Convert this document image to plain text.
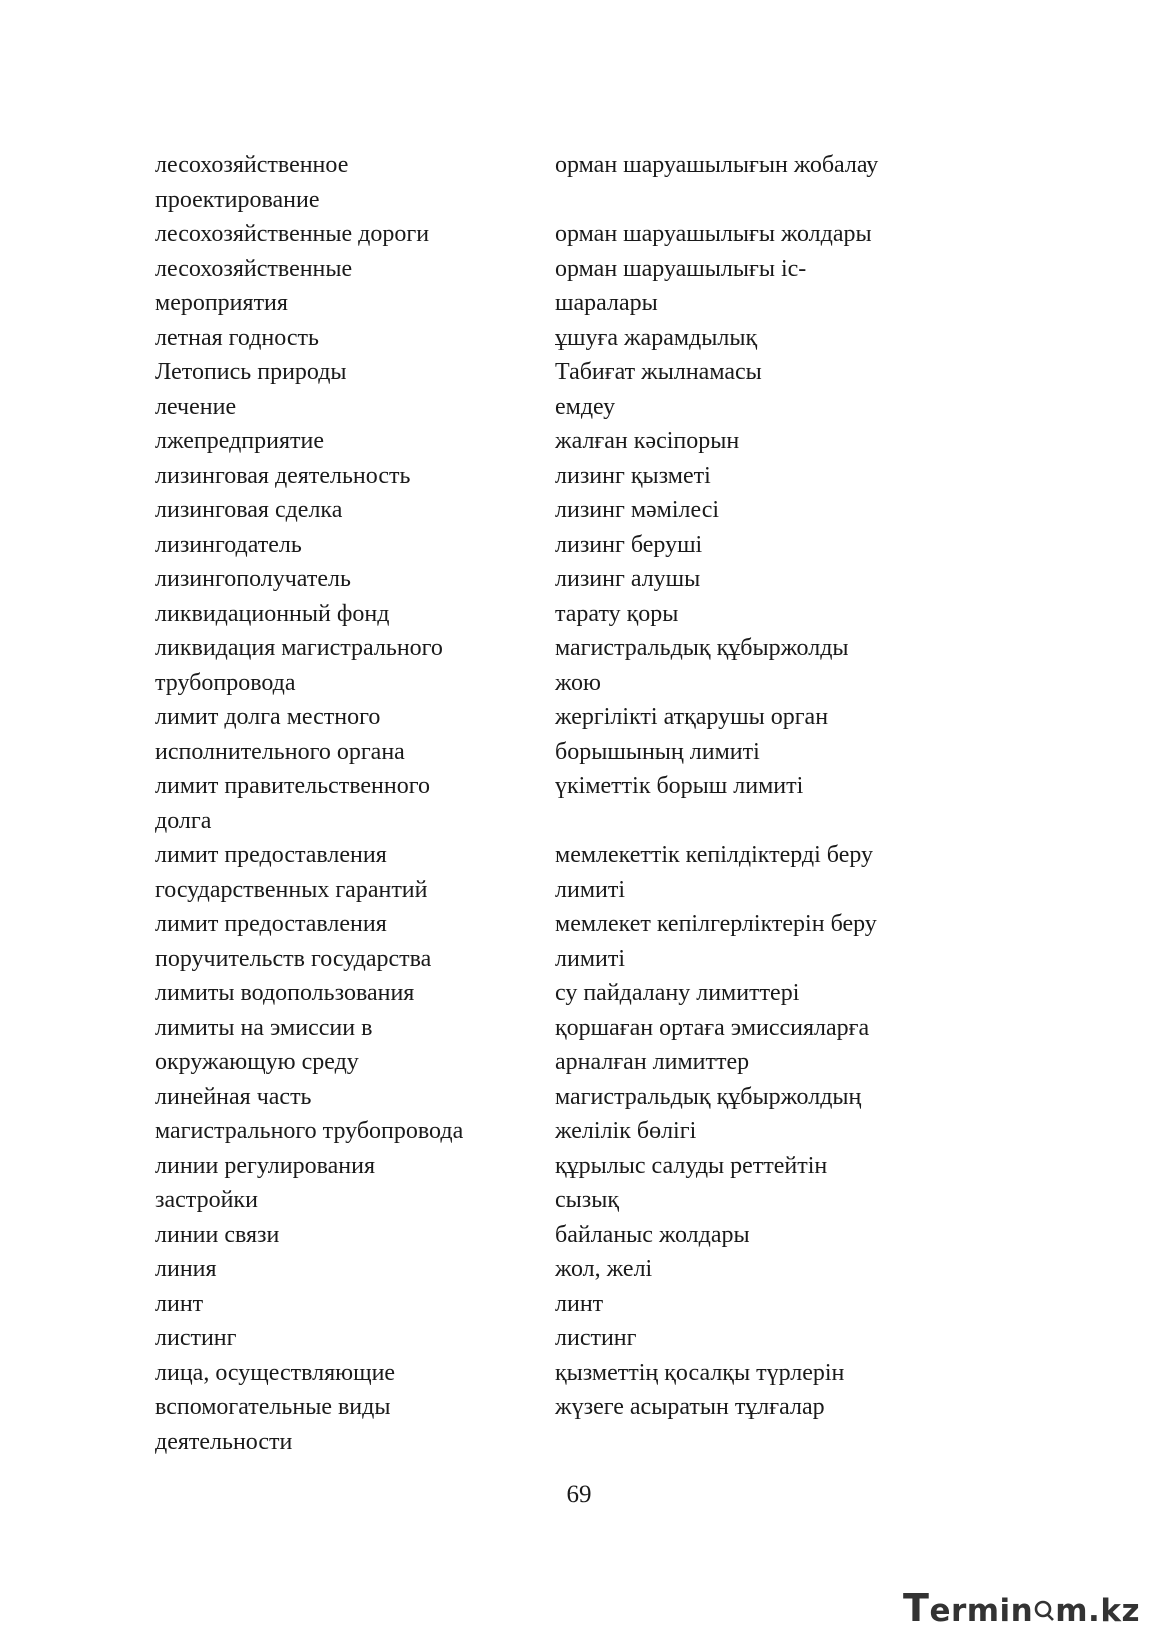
лесохозяйственное
проектирование
лесохозяйственные дороги
лесохозяйственные
мероприятия
летная годность
Летопись природы
лечение
лжепредприятие
лизинговая деятельность
лизинговая сделка
лизингодатель
лизингополучатель
ликвидационный фонд
ликвидация магистрального
трубопровода
лимит долга местного
исполнительного органа
лимит правительственного
долга
лимит предоставления
государственных гарантий
лимит предоставления
поручительств государства
лимиты водопользования
лимиты на эмиссии в
окружающую среду
линейная часть
магистрального трубопровода
линии регулирования
застройки
линии связи
линия
линт
листинг
лица, осуществляющие
вспомогательные виды
деятельности
орман шаруашылығын жобалау
орман шаруашылығы жолдары
орман шаруашылығы іс-
шаралары
ұшуға жарамдылық
Табиғат жылнамасы
емдеу
жалған кәсіпорын
лизинг қызметі
лизинг мәмілесі
лизинг беруші
лизинг алушы
тарату қоры
магистральдық құбыржолды
жою
жергілікті атқарушы орган
борышының лимиті
үкіметтік борыш лимиті
мемлекеттік кепілдіктерді беру
лимиті
мемлекет кепілгерліктерін беру
лимиті
су пайдалану лимиттері
қоршаған ортаға эмиссияларға
арналған лимиттер
магистральдық құбыржолдың
желілік бөлігі
құрылыс салуды реттейтін
сызық
байланыс жолдары
жол, желі
линт
листинг
қызметтің қосалқы түрлерін
жүзеге асыратын тұлғалар
69
Termin m.kz
